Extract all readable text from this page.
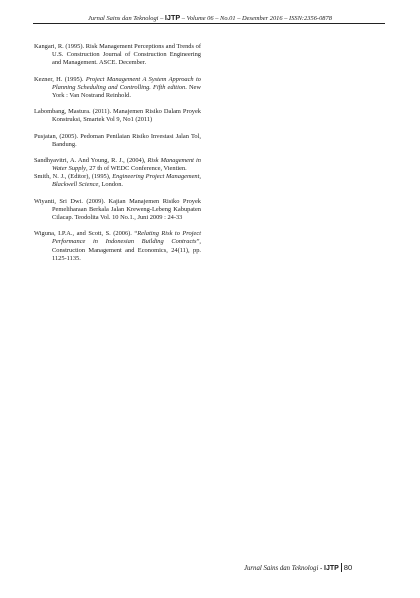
Jurnal Sains dan Teknologi – IJTP – Volume 06 – No.01 – Desember 2016 – ISSN:2356-0878

Kangari, R. (1995). Risk Management Perceptions and Trends of U.S. Construction Journal of Construction Engineering and Management. ASCE. December.

Kezner, H. (1995). Project Management A System Approach to Planning Scheduling and Controlling. Fifth edition. New York : Van Nostrand Reinhold.

Labombang, Mastura. (2011). Manajemen Risiko Dalam Proyek Konstruksi, Smartek Vol 9, No1 (2011)

Pusjatan, (2005). Pedoman Penilaian Risiko Investasi Jalan Tol, Bandung.

Sandhyavitri, A. And Young, R. J., (2004), Risk Management in Water Supply, 27 th of WEDC Conference, Vientien.

Smith, N. J., (Editor), (1995), Engineering Project Management, Blackwell Science, London.

Wiyanti, Sri Dwi. (2009). Kajian Manajemen Risiko Proyek Pemeliharaan Berkala Jalan Kreweng-Lebeng Kabupaten Cilacap. Teodolita Vol. 10 No.1., Juni 2009 : 24-33

Wiguna, I.P.A., and Scott, S. (2006). “Relating Risk to Project Performance in Indonesian Building Contracts”, Construction Management and Economics, 24(11), pp. 1125-1135.

Jurnal Sains dan Teknologi - IJTP 80
